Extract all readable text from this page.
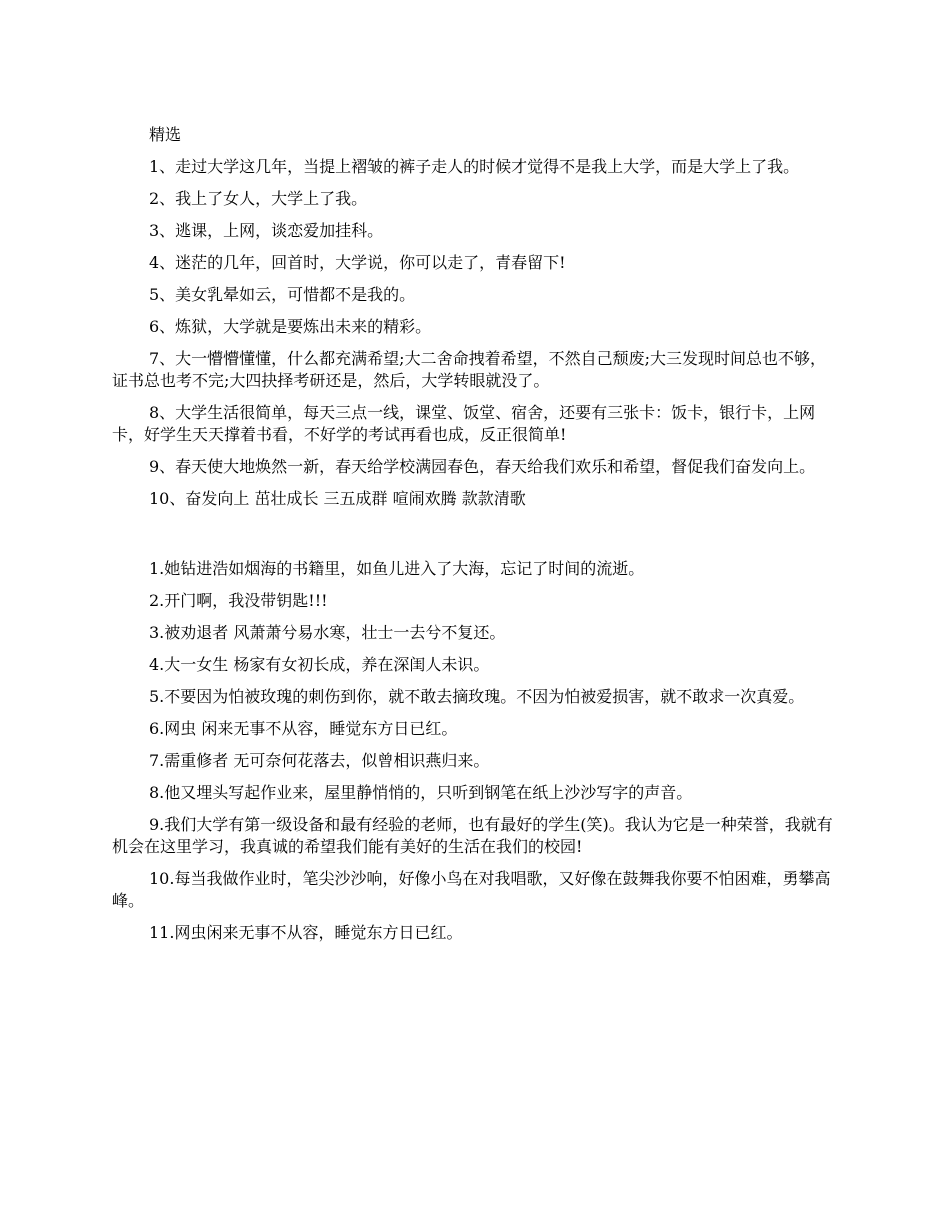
精选

1、走过大学这几年，当提上褶皱的裤子走人的时候才觉得不是我上大学，而是大学上了我。

2、我上了女人，大学上了我。

3、逃课，上网，谈恋爱加挂科。

4、迷茫的几年，回首时，大学说，你可以走了，青春留下!

5、美女乳晕如云，可惜都不是我的。

6、炼狱，大学就是要炼出未来的精彩。

7、大一懵懵懂懂，什么都充满希望;大二舍命拽着希望，不然自己颓废;大三发现时间总也不够，证书总也考不完;大四抉择考研还是，然后，大学转眼就没了。

8、大学生活很简单，每天三点一线，课堂、饭堂、宿舍，还要有三张卡：饭卡，银行卡，上网卡，好学生天天撑着书看，不好学的考试再看也成，反正很简单!

9、春天使大地焕然一新，春天给学校满园春色，春天给我们欢乐和希望，督促我们奋发向上。

10、奋发向上 茁壮成长 三五成群 喧闹欢腾 款款清歌

1.她钻进浩如烟海的书籍里，如鱼儿进入了大海，忘记了时间的流逝。

2.开门啊，我没带钥匙!!!

3.被劝退者 风萧萧兮易水寒，壮士一去兮不复还。

4.大一女生 杨家有女初长成，养在深闺人未识。

5.不要因为怕被玫瑰的刺伤到你，就不敢去摘玫瑰。不因为怕被爱损害，就不敢求一次真爱。

6.网虫 闲来无事不从容，睡觉东方日已红。

7.需重修者 无可奈何花落去，似曾相识燕归来。

8.他又埋头写起作业来，屋里静悄悄的，只听到钢笔在纸上沙沙写字的声音。

9.我们大学有第一级设备和最有经验的老师，也有最好的学生(笑)。我认为它是一种荣誉，我就有机会在这里学习，我真诚的希望我们能有美好的生活在我们的校园!

10.每当我做作业时，笔尖沙沙响，好像小鸟在对我唱歌，又好像在鼓舞我你要不怕困难，勇攀高峰。

11.网虫闲来无事不从容，睡觉东方日已红。
